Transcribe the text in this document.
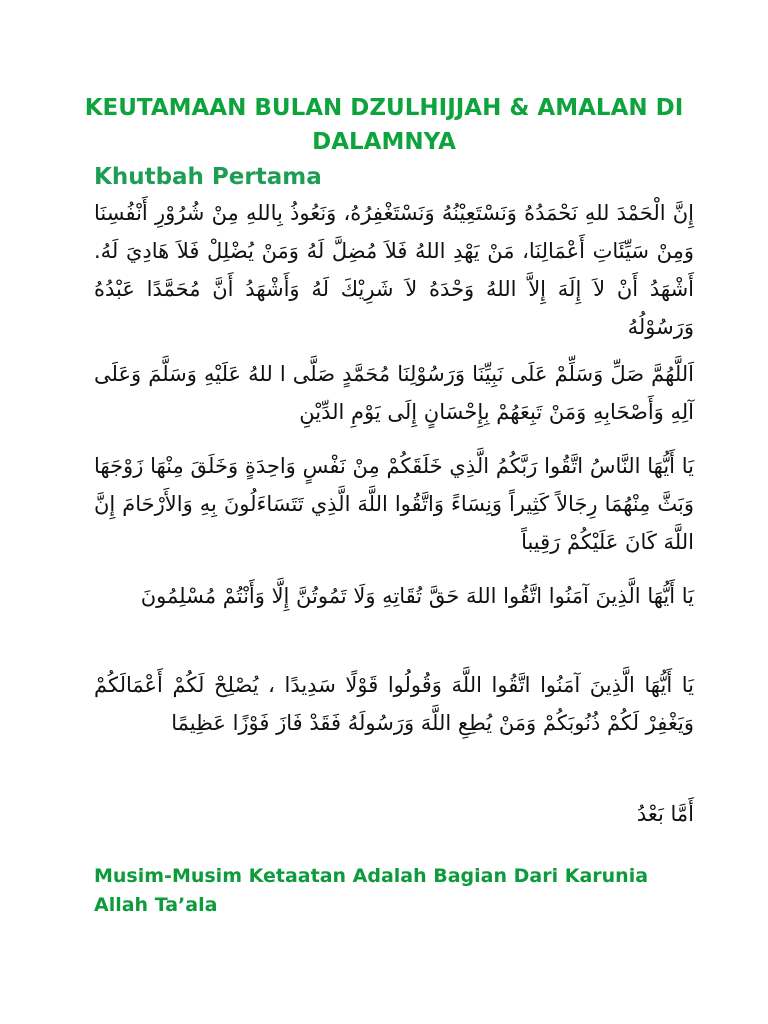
KEUTAMAAN BULAN DZULHIJJAH & AMALAN DI DALAMNYA
Khutbah Pertama

إِنَّ الْحَمْدَ للهِ نَحْمَدُهُ وَنَسْتَعِيْنُهُ وَنَسْتَغْفِرُهُ، وَنَعُوذُ بِاللهِ مِنْ شُرُوْرِ أَنْفُسِنَا وَمِنْ سَيِّئَاتِ أَعْمَالِنَا، مَنْ يَهْدِ اللهُ فَلاَ مُضِلَّ لَهُ وَمَنْ يُضْلِلْ فَلاَ هَادِيَ لَهُ. أَشْهَدُ أَنْ لاَ إِلَهَ إِلاَّ اللهُ وَحْدَهُ لاَ شَرِيْكَ لَهُ وَأَشْهَدُ أَنَّ مُحَمَّدًا عَبْدُهُ وَرَسُوْلُهُ

اَللَّهُمَّ صَلِّ وَسَلِّمْ عَلَى نَبِيِّنَا وَرَسُوْلِنَا مُحَمَّدٍ صَلَّى ا للهُ عَلَيْهِ وَسَلَّمَ وَعَلَى آلِهِ وَأَصْحَابِهِ وَمَنْ تَبِعَهُمْ بِإِحْسَانٍ إِلَى يَوْمِ الدِّيْنِ

يَا أَيُّهَا النَّاسُ اتَّقُوا رَبَّكُمُ الَّذِي خَلَقَكُمْ مِنْ نَفْسٍ وَاحِدَةٍ وَخَلَقَ مِنْهَا زَوْجَهَا وَبَثَّ مِنْهُمَا رِجَالاً كَثِيراً وَنِسَاءً وَاتَّقُوا اللَّهَ الَّذِي تَتَسَاءَلُونَ بِهِ وَالأَرْحَامَ إِنَّ اللَّهَ كَانَ عَلَيْكُمْ رَقِيباً

يَا أَيُّهَا الَّذِينَ آمَنُوا اتَّقُوا اللهَ حَقَّ تُقَاتِهِ وَلَا تَمُوتُنَّ إِلَّا وَأَنْتُمْ مُسْلِمُونَ

يَا أَيُّهَا الَّذِينَ آمَنُوا اتَّقُوا اللَّهَ وَقُولُوا قَوْلًا سَدِيدًا ، يُصْلِحْ لَكُمْ أَعْمَالَكُمْ وَيَغْفِرْ لَكُمْ ذُنُوبَكُمْ وَمَنْ يُطِعِ اللَّهَ وَرَسُولَهُ فَقَدْ فَازَ فَوْزًا عَظِيمًا

أَمَّا بَعْدُ

Musim-Musim Ketaatan Adalah Bagian Dari Karunia Allah Ta’ala
